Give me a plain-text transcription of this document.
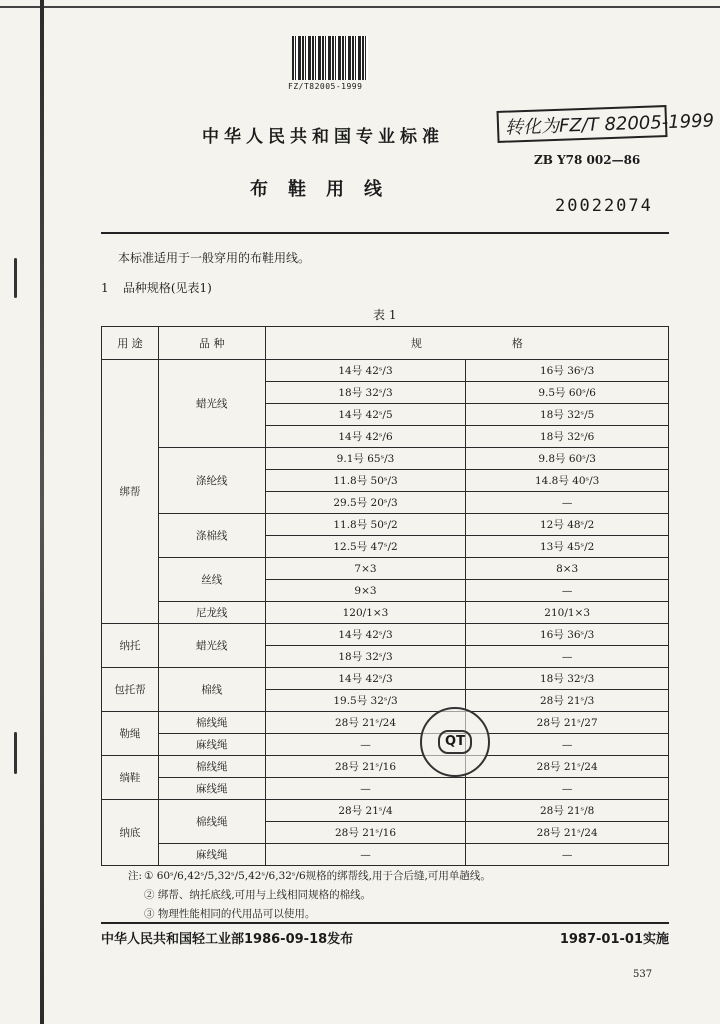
FZ/T82005-1999
中华人民共和国专业标准	转化为FZ/T 82005-1999
ZB Y78 002—86
布鞋用线
20022074
本标准适用于一般穿用的布鞋用线。
1 品种规格(见表1)
表 1
用 途	品 种	规 格	
绑帮	蜡光线	14号 42ˢ/3	16号 36ˢ/3
		18号 32ˢ/3	9.5号 60ˢ/6
		14号 42ˢ/5	18号 32ˢ/5
		14号 42ˢ/6	18号 32ˢ/6
	涤纶线	9.1号 65ˢ/3	9.8号 60ˢ/3
		11.8号 50ˢ/3	14.8号 40ˢ/3
		29.5号 20ˢ/3	—
	涤棉线	11.8号 50ˢ/2	12号 48ˢ/2
		12.5号 47ˢ/2	13号 45ˢ/2
	丝线	7×3	8×3
		9×3	—
	尼龙线	120/1×3	210/1×3
纳托	蜡光线	14号 42ˢ/3	16号 36ˢ/3
		18号 32ˢ/3	—
包托帮	棉线	14号 42ˢ/3	18号 32ˢ/3
		19.5号 32ˢ/3	28号 21ˢ/3
勒绳	棉线绳	28号 21ˢ/24	28号 21ˢ/27
	麻线绳	—	—
绱鞋	棉线绳	28号 21ˢ/16	28号 21ˢ/24
	麻线绳	—	—
纳底	棉线绳	28号 21ˢ/4	28号 21ˢ/8
		28号 21ˢ/16	28号 21ˢ/24
	麻线绳	—	—
QT
注: ① 60ˢ/6,42ˢ/5,32ˢ/5,42ˢ/6,32ˢ/6规格的绑帮线,用于合后缝,可用单趟线。
② 绑帮、纳托底线,可用与上线相同规格的棉线。
③ 物理性能相同的代用品可以使用。
中华人民共和国轻工业部1986-09-18发布	1987-01-01实施
537
